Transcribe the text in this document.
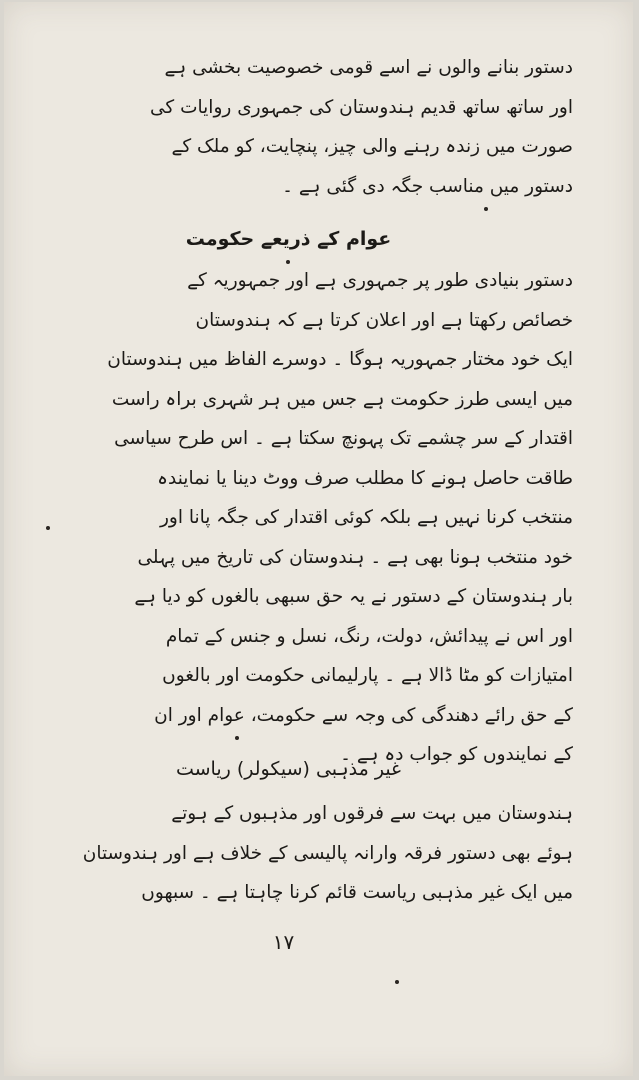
دستور بنانے والوں نے اسے قومی خصوصیت بخشی ہے
اور ساتھ ساتھ قدیم ہندوستان کی جمہوری روایات کی
صورت میں زندہ رہنے والی چیز، پنچایت، کو ملک کے
دستور میں مناسب جگہ دی گئی ہے ۔
عوام کے ذریعے حکومت
دستور بنیادی طور پر جمہوری ہے اور جمہوریہ کے
خصائص رکھتا ہے اور اعلان کرتا ہے کہ ہندوستان
ایک خود مختار جمہوریہ ہوگا ۔ دوسرے الفاظ میں ہندوستان
میں ایسی طرز حکومت ہے جس میں ہر شہری براہ راست
اقتدار کے سر چشمے تک پہونچ سکتا ہے ۔ اس طرح سیاسی
طاقت حاصل ہونے کا مطلب صرف ووٹ دینا یا نمایندہ
منتخب کرنا نہیں ہے بلکہ کوئی اقتدار کی جگہ پانا اور
خود منتخب ہونا بھی ہے ۔ ہندوستان کی تاریخ میں پہلی
بار ہندوستان کے دستور نے یہ حق سبھی بالغوں کو دیا ہے
اور اس نے پیدائش، دولت، رنگ، نسل و جنس کے تمام
امتیازات کو مٹا ڈالا ہے ۔ پارلیمانی حکومت اور بالغوں
کے حق رائے دھندگی کی وجہ سے حکومت، عوام اور ان
کے نمایندوں کو جواب دہ ہے ۔
غیر مذہبی (سیکولر) ریاست
ہندوستان میں بہت سے فرقوں اور مذہبوں کے ہوتے
ہوئے بھی دستور فرقہ وارانہ پالیسی کے خلاف ہے اور ہندوستان
میں ایک غیر مذہبی ریاست قائم کرنا چاہتا ہے ۔ سبھوں
۱۷
